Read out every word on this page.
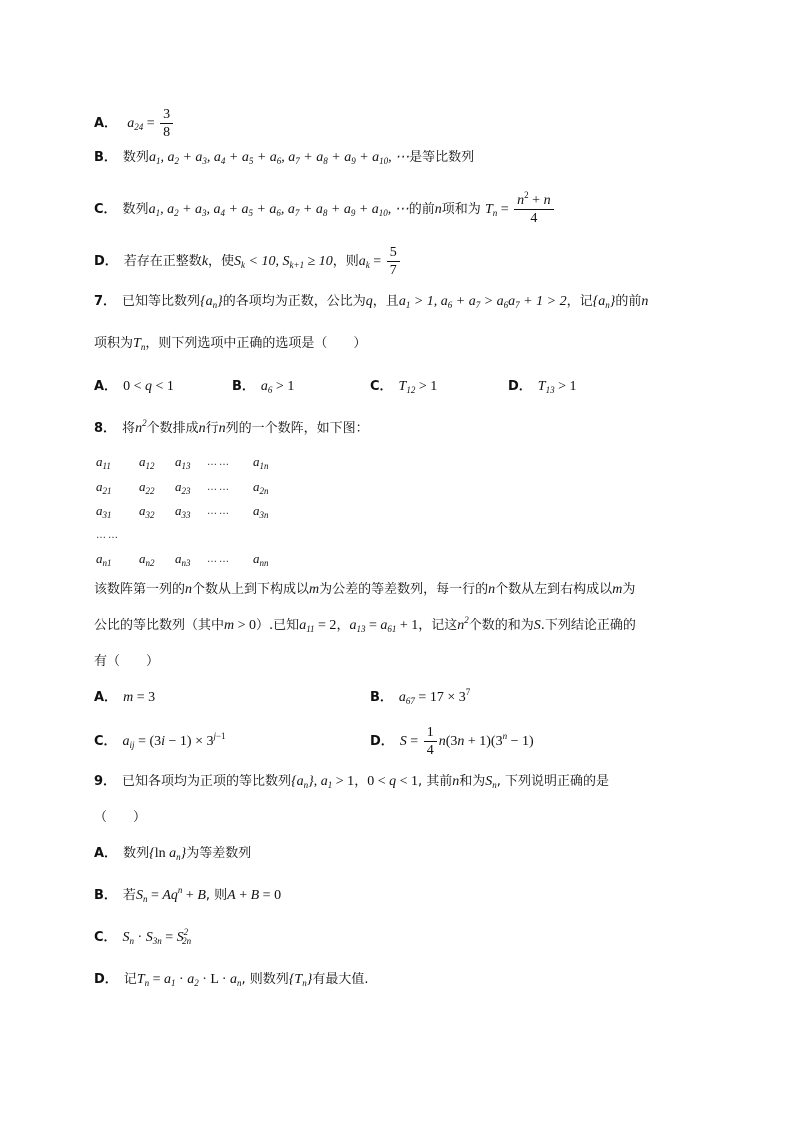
A． $a_{24} = \frac{3}{8}$
B． 数列$a_1$, $a_2 + a_3$, $a_4 + a_5 + a_6$, $a_7 + a_8 + a_9 + a_{10}$, ⋯是等比数列
C． 数列$a_1$, $a_2 + a_3$, $a_4 + a_5 + a_6$, $a_7 + a_8 + a_9 + a_{10}$, ⋯的前n项和为 $T_n = \frac{n^2 + n}{4}$
D． 若存在正整数k，使$S_k < 10$, $S_{k+1} \ge 10$，则$a_k = \frac{5}{7}$
7． 已知等比数列$\{a_n\}$的各项均为正数，公比为q，且$a_1 > 1$, $a_6 + a_7 > a_6a_7 + 1 > 2$，记$\{a_n\}$的前n
项积为$T_n$，则下列选项中正确的选项是（　　）
A． 0 < q < 1	B． $a_6 > 1$	C． $T_{12} > 1$	D． $T_{13} > 1$
8． 将$n^2$个数排成n行n列的一个数阵，如下图：
$a_{11}$ $a_{12}$ $a_{13}$ …… $a_{1n}$
$a_{21}$ $a_{22}$ $a_{23}$ …… $a_{2n}$
$a_{31}$ $a_{32}$ $a_{33}$ …… $a_{3n}$
……
$a_{n1}$ $a_{n2}$ $a_{n3}$ …… $a_{nn}$
该数阵第一列的n个数从上到下构成以m为公差的等差数列，每一行的n个数从左到右构成以m为
公比的等比数列（其中m > 0）.已知$a_{11} = 2$，$a_{13} = a_{61} + 1$，记这$n^2$个数的和为S.下列结论正确的
有（　　）
A． m = 3	B． $a_{67} = 17 \times 3^7$
C． $a_{ij} = (3i - 1) \times 3^{j-1}$	D． $S = \frac{1}{4} n(3n + 1)(3^n - 1)$
9． 已知各项均为正项的等比数列$\{a_n\}$, $a_1 > 1$，0 < q < 1, 其前n和为$S_n$, 下列说明正确的是
（　　）
A． 数列{ln $a_n$}为等差数列
B． 若$S_n = Aq^n + B$, 则A + B = 0
C． $S_n \cdot S_{3n} = S^2_{2n}$
D． 记$T_n = a_1 \cdot a_2 \cdot L \cdot a_n$, 则数列$\{T_n\}$有最大值.
